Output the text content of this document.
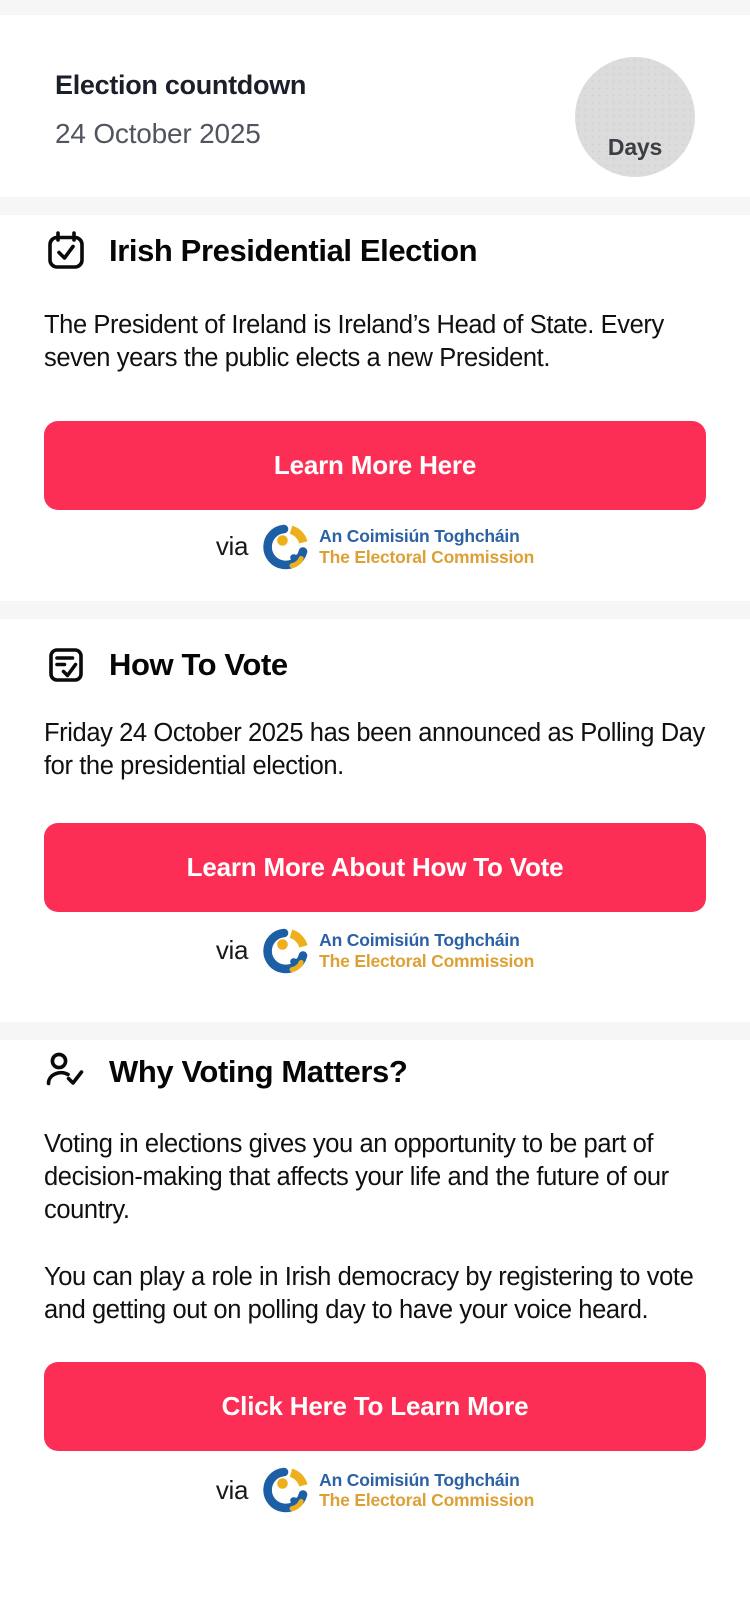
Election countdown
24 October 2025	Days
Irish Presidential Election

The President of Ireland is Ireland’s Head of State. Every seven years the public elects a new President.

Learn More Here
via	An Coimisiún Toghcháin
The Electoral Commission
How To Vote

Friday 24 October 2025 has been announced as Polling Day for the presidential election.

Learn More About How To Vote
via	An Coimisiún Toghcháin
The Electoral Commission
Why Voting Matters?

Voting in elections gives you an opportunity to be part of decision-making that affects your life and the future of our country.

You can play a role in Irish democracy by registering to vote and getting out on polling day to have your voice heard.

Click Here To Learn More
via	An Coimisiún Toghcháin
The Electoral Commission
